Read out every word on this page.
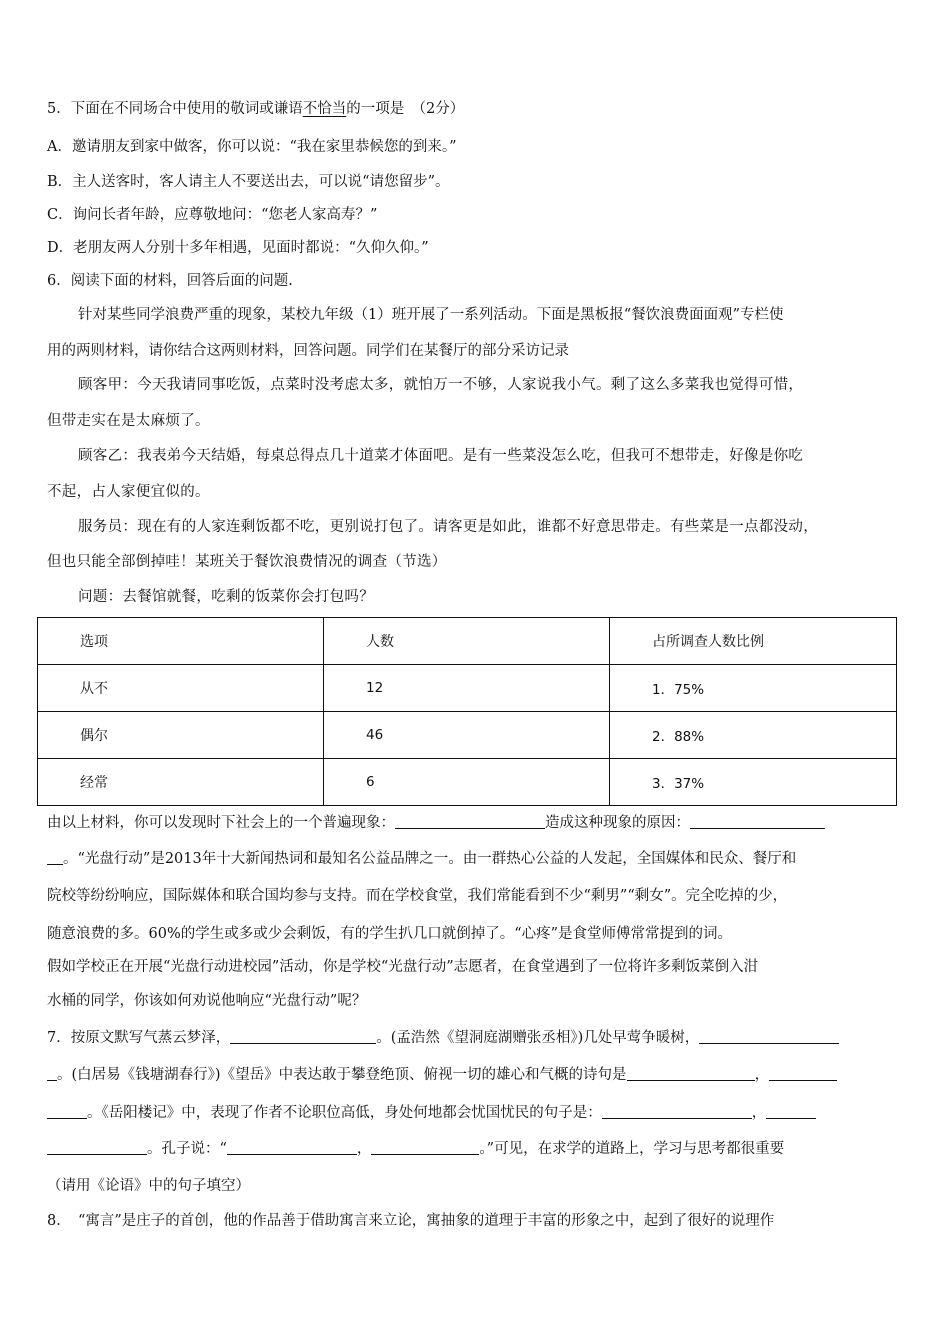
5．下面在不同场合中使用的敬词或谦语不恰当的一项是　（2分）
A．邀请朋友到家中做客，你可以说：“我在家里恭候您的到来。”
B．主人送客时，客人请主人不要送出去，可以说“请您留步”。
C．询问长者年龄，应尊敬地问：“您老人家高寿？”
D．老朋友两人分别十多年相遇，见面时都说：“久仰久仰。”
6．阅读下面的材料，回答后面的问题.
针对某些同学浪费严重的现象，某校九年级（1）班开展了一系列活动。下面是黑板报“餐饮浪费面面观”专栏使
用的两则材料，请你结合这两则材料，回答问题。同学们在某餐厅的部分采访记录
顾客甲：今天我请同事吃饭，点菜时没考虑太多，就怕万一不够，人家说我小气。剩了这么多菜我也觉得可惜，
但带走实在是太麻烦了。
顾客乙：我表弟今天结婚，每桌总得点几十道菜才体面吧。是有一些菜没怎么吃，但我可不想带走，好像是你吃
不起，占人家便宜似的。
服务员：现在有的人家连剩饭都不吃，更别说打包了。请客更是如此，谁都不好意思带走。有些菜是一点都没动，
但也只能全部倒掉哇！某班关于餐饮浪费情况的调查（节选）
问题：去餐馆就餐，吃剩的饭菜你会打包吗？
选项	人数	占所调查人数比例
从不	12	1．75%
偶尔	46	2．88%
经常	6	3．37%
由以上材料，你可以发现时下社会上的一个普遍现象：	造成这种现象的原因：
。“光盘行动”是2013年十大新闻热词和最知名公益品牌之一。由一群热心公益的人发起，全国媒体和民众、餐厅和
院校等纷纷响应，国际媒体和联合国均参与支持。而在学校食堂，我们常能看到不少“剩男”“剩女”。完全吃掉的少，
随意浪费的多。60%的学生或多或少会剩饭，有的学生扒几口就倒掉了。“心疼”是食堂师傅常常提到的词。
假如学校正在开展“光盘行动进校园”活动，你是学校“光盘行动”志愿者，在食堂遇到了一位将许多剩饭菜倒入泔
水桶的同学，你该如何劝说他响应“光盘行动”呢？
7．按原文默写气蒸云梦泽，	。(孟浩然《望洞庭湖赠张丞相》)几处早莺争暖树，
。(白居易《钱塘湖春行》)《望岳》中表达敢于攀登绝顶、俯视一切的雄心和气概的诗句是	，
。《岳阳楼记》中，表现了作者不论职位高低，身处何地都会忧国忧民的句子是：	，
。孔子说：“	，	。”可见，在求学的道路上，学习与思考都很重要
（请用《论语》中的句子填空）
8．　“寓言”是庄子的首创，他的作品善于借助寓言来立论，寓抽象的道理于丰富的形象之中，起到了很好的说理作
